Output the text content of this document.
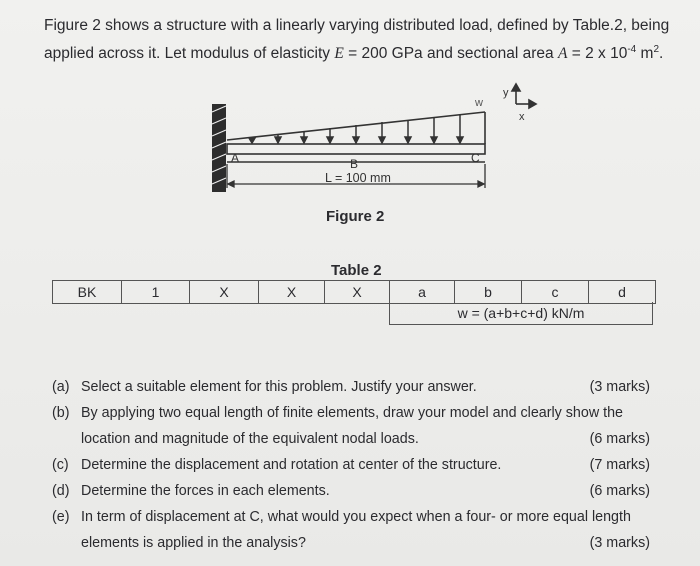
Figure 2 shows a structure with a linearly varying distributed load, defined by Table.2, being
applied across it. Let modulus of elasticity E = 200 GPa and sectional area A = 2 x $10^{-4}$ $m^2$.
A	B	C
L = 100 mm
w
y
x
Figure 2
Table 2
BK	1	X	X	X	a	b	c	d
w = (a+b+c+d) kN/m
(a) Select a suitable element for this problem. Justify your answer.	(3 marks)
(b) By applying two equal length of finite elements, draw your model and clearly show the
location and magnitude of the equivalent nodal loads.	(6 marks)
(c) Determine the displacement and rotation at center of the structure.	(7 marks)
(d) Determine the forces in each elements.	(6 marks)
(e) In term of displacement at C, what would you expect when a four- or more equal length
elements is applied in the analysis?	(3 marks)
